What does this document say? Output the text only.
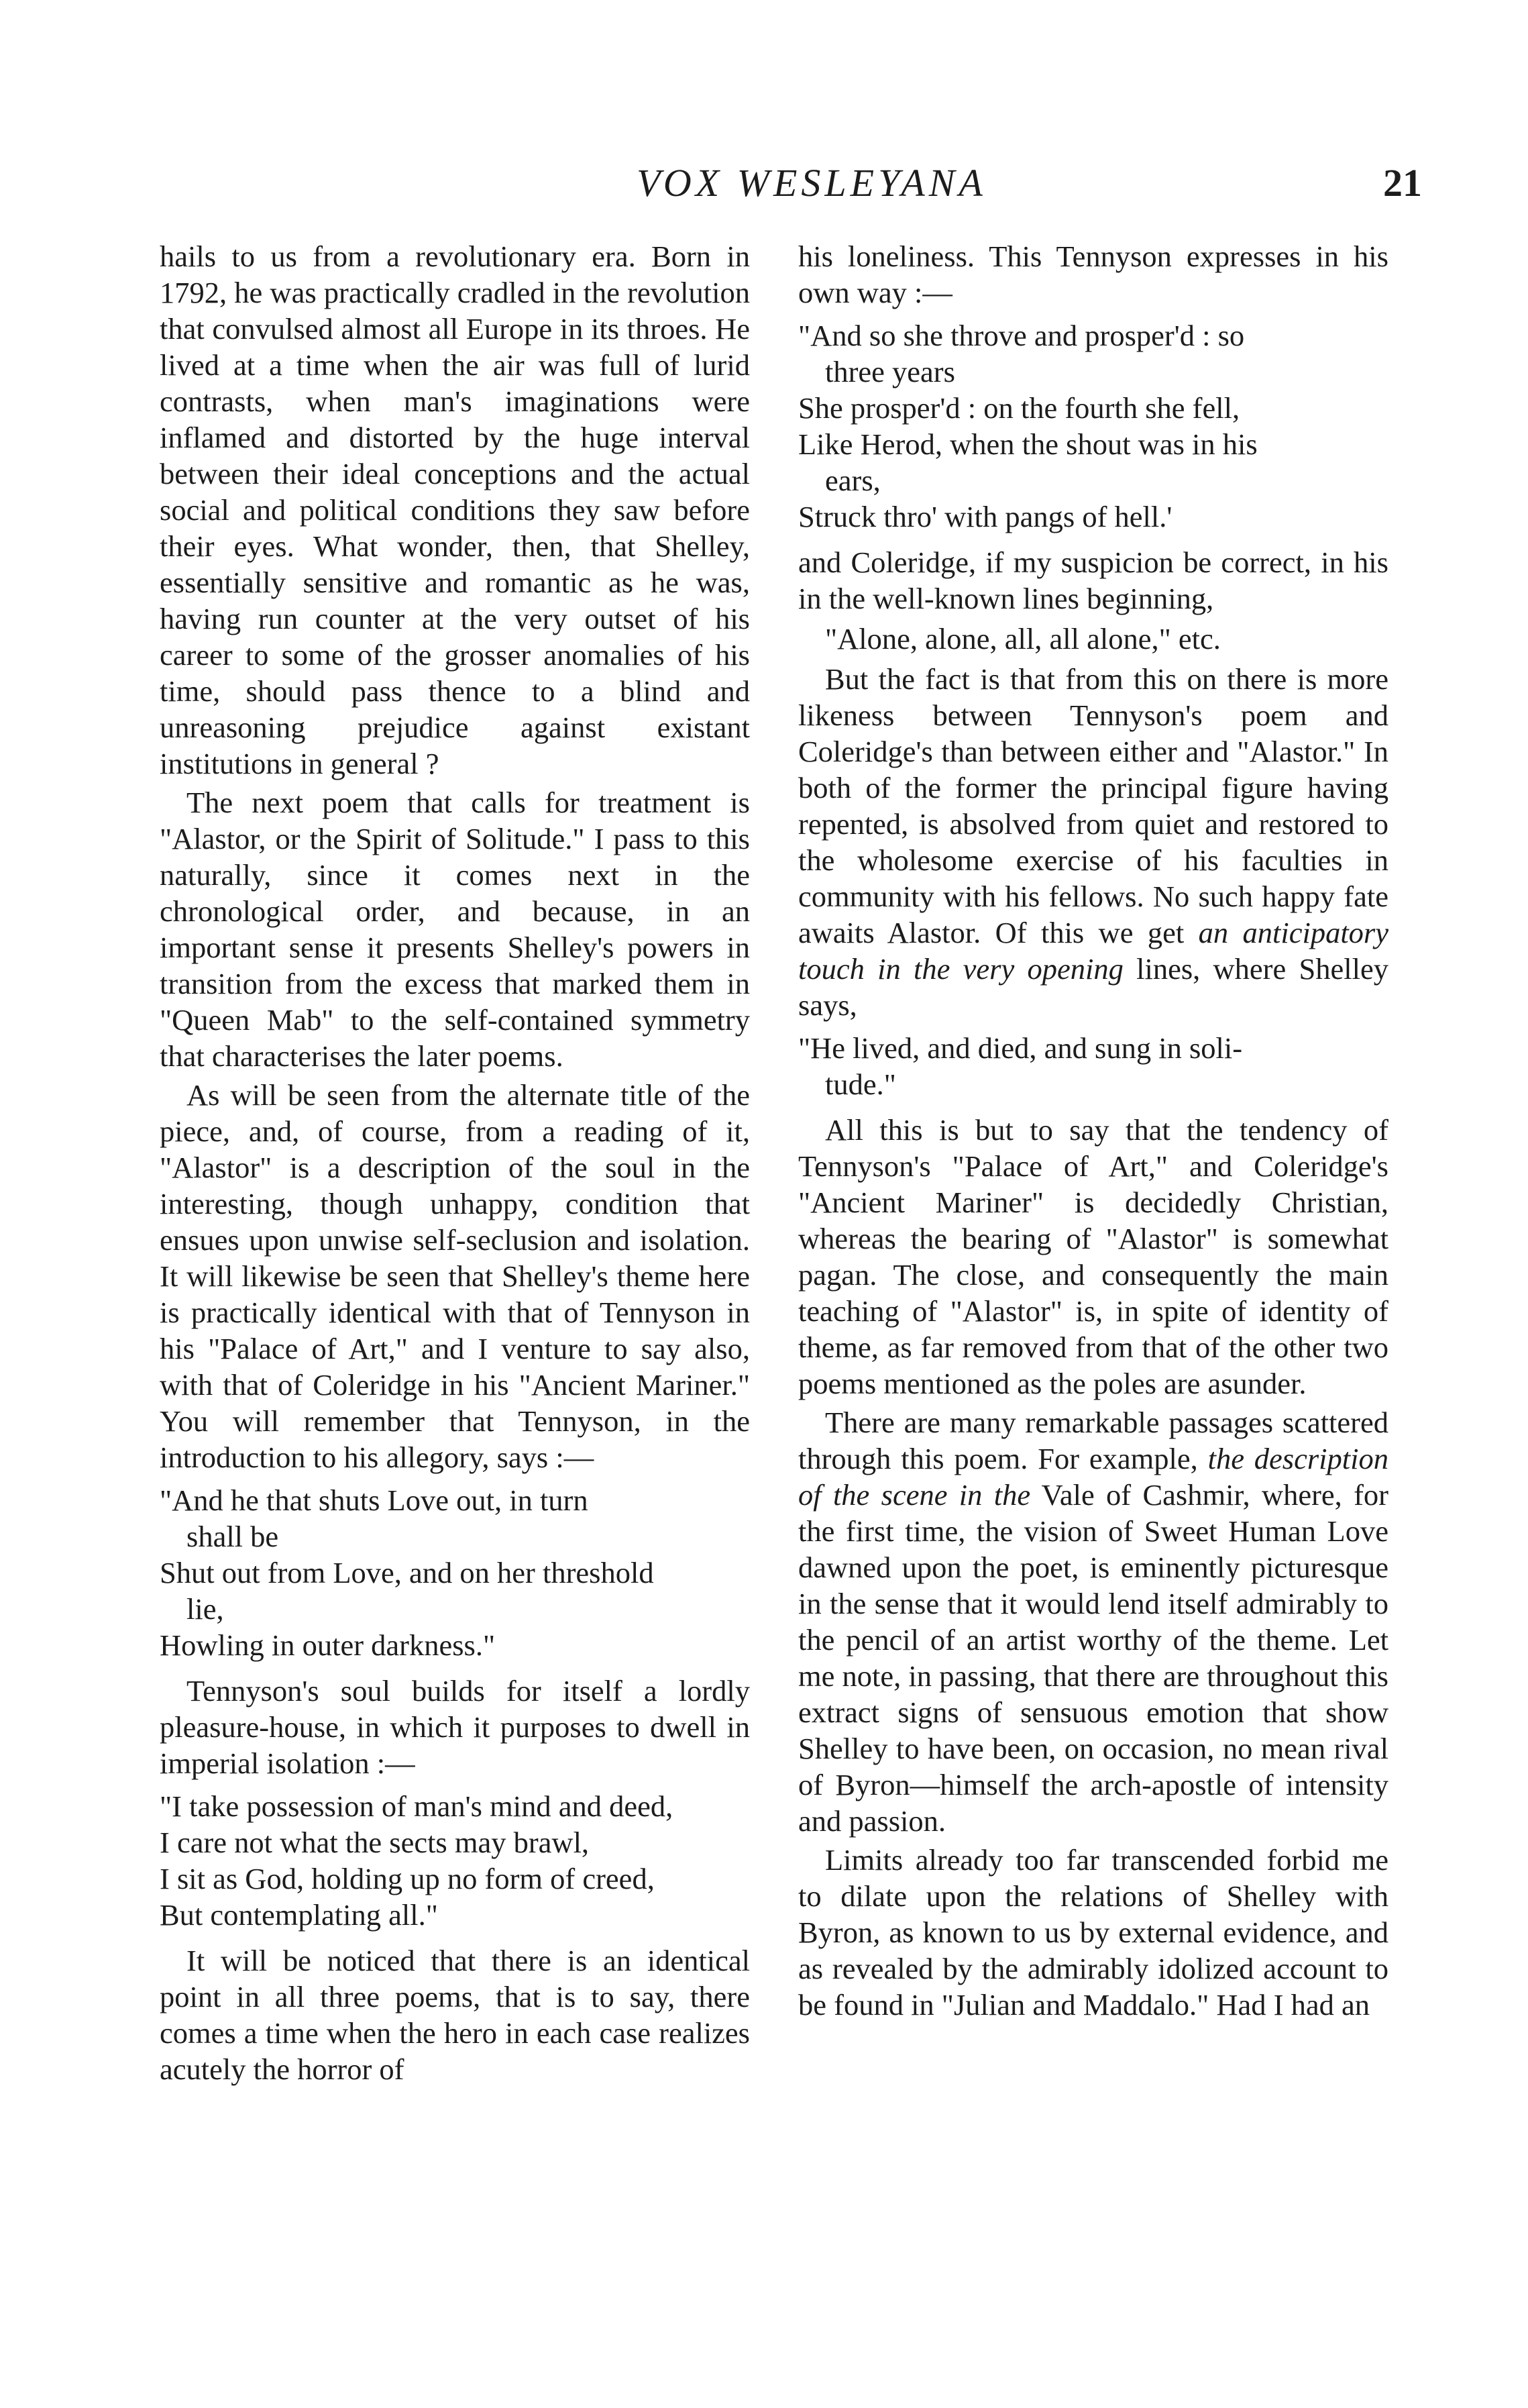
VOX WESLEYANA	21

hails to us from a revolutionary era. Born in 1792, he was practically cradled in the revolution that convulsed almost all Europe in its throes. He lived at a time when the air was full of lurid contrasts, when man's imaginations were inflamed and distorted by the huge interval between their ideal conceptions and the actual social and political conditions they saw before their eyes. What wonder, then, that Shelley, essentially sensitive and romantic as he was, having run counter at the very outset of his career to some of the grosser anomalies of his time, should pass thence to a blind and unreasoning prejudice against existant institutions in general ?

The next poem that calls for treatment is "Alastor, or the Spirit of Solitude." I pass to this naturally, since it comes next in the chronological order, and because, in an important sense it presents Shelley's powers in transition from the excess that marked them in "Queen Mab" to the self-contained symmetry that characterises the later poems.

As will be seen from the alternate title of the piece, and, of course, from a reading of it, "Alastor" is a description of the soul in the interesting, though unhappy, condition that ensues upon unwise self-seclusion and isolation. It will likewise be seen that Shelley's theme here is practically identical with that of Tennyson in his "Palace of Art," and I venture to say also, with that of Coleridge in his "Ancient Mariner." You will remember that Tennyson, in the introduction to his allegory, says :—

"And he that shuts Love out, in turn
shall be
Shut out from Love, and on her threshold
lie,
Howling in outer darkness."

Tennyson's soul builds for itself a lordly pleasure-house, in which it purposes to dwell in imperial isolation :—

"I take possession of man's mind and deed,
I care not what the sects may brawl,
I sit as God, holding up no form of creed,
But contemplating all."

It will be noticed that there is an identical point in all three poems, that is to say, there comes a time when the hero in each case realizes acutely the horror of

his loneliness. This Tennyson expresses in his own way :—

"And so she throve and prosper'd : so
three years
She prosper'd : on the fourth she fell,
Like Herod, when the shout was in his
ears,
Struck thro' with pangs of hell.'

and Coleridge, if my suspicion be correct, in his in the well-known lines beginning,

"Alone, alone, all, all alone," etc.

But the fact is that from this on there is more likeness between Tennyson's poem and Coleridge's than between either and "Alastor." In both of the former the principal figure having repented, is absolved from quiet and restored to the wholesome exercise of his faculties in community with his fellows. No such happy fate awaits Alastor. Of this we get an anticipatory touch in the very opening lines, where Shelley says,

"He lived, and died, and sung in soli-
tude."

All this is but to say that the tendency of Tennyson's "Palace of Art," and Coleridge's "Ancient Mariner" is decidedly Christian, whereas the bearing of "Alastor" is somewhat pagan. The close, and consequently the main teaching of "Alastor" is, in spite of identity of theme, as far removed from that of the other two poems mentioned as the poles are asunder.

There are many remarkable passages scattered through this poem. For example, the description of the scene in the Vale of Cashmir, where, for the first time, the vision of Sweet Human Love dawned upon the poet, is eminently picturesque in the sense that it would lend itself admirably to the pencil of an artist worthy of the theme. Let me note, in passing, that there are throughout this extract signs of sensuous emotion that show Shelley to have been, on occasion, no mean rival of Byron—himself the arch-apostle of intensity and passion.

Limits already too far transcended forbid me to dilate upon the relations of Shelley with Byron, as known to us by external evidence, and as revealed by the admirably idolized account to be found in "Julian and Maddalo." Had I had an
